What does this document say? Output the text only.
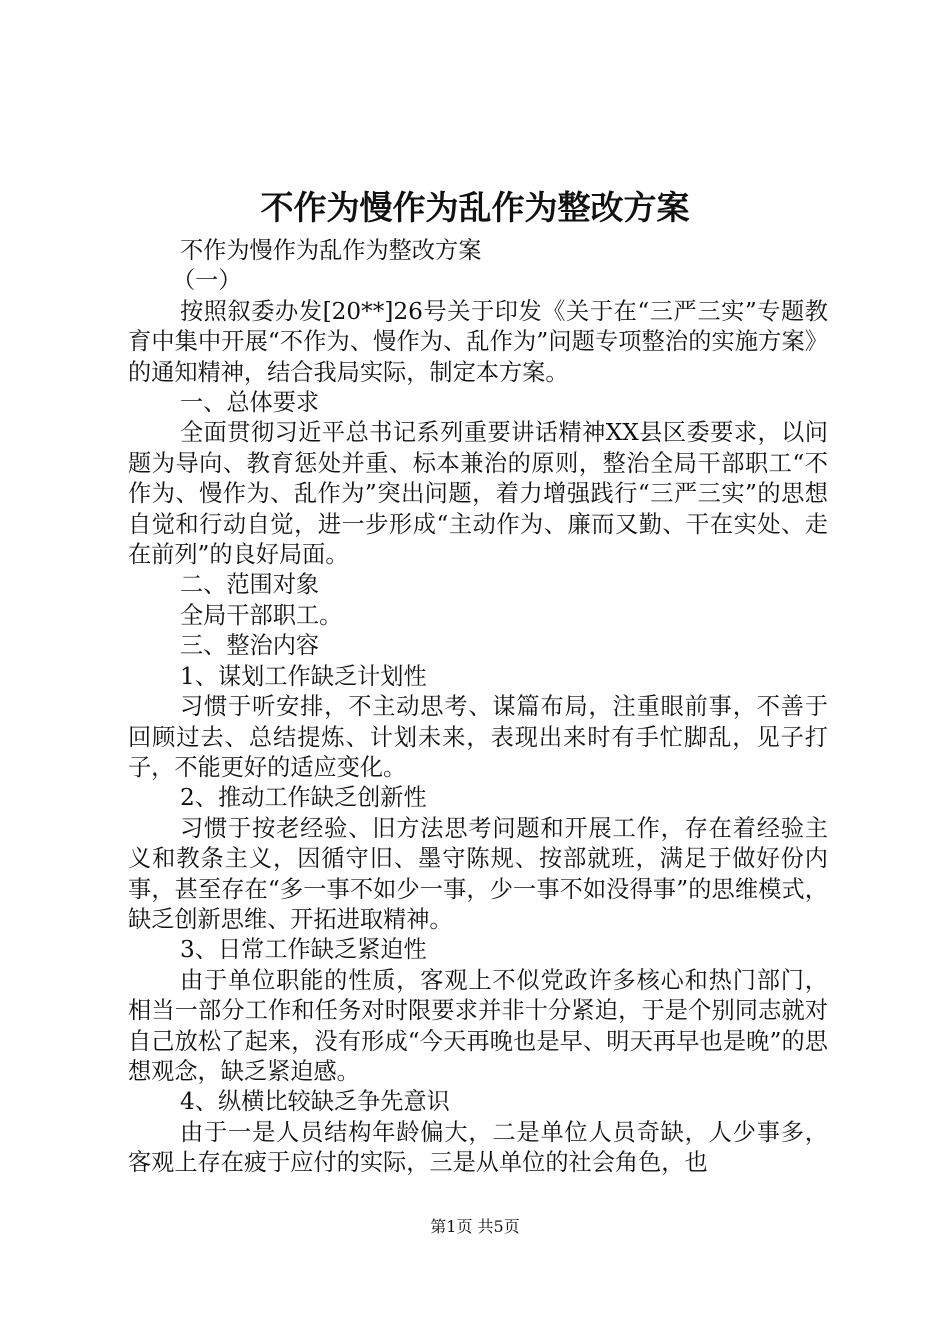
不作为慢作为乱作为整改方案

不作为慢作为乱作为整改方案

（一）

按照叙委办发[20**]26号关于印发《关于在“三严三实”专题教育中集中开展“不作为、慢作为、乱作为”问题专项整治的实施方案》的通知精神，结合我局实际，制定本方案。

一、总体要求

全面贯彻习近平总书记系列重要讲话精神XX县区委要求，以问题为导向、教育惩处并重、标本兼治的原则，整治全局干部职工“不作为、慢作为、乱作为”突出问题，着力增强践行“三严三实”的思想自觉和行动自觉，进一步形成“主动作为、廉而又勤、干在实处、走在前列”的良好局面。

二、范围对象

全局干部职工。

三、整治内容

1、谋划工作缺乏计划性

习惯于听安排，不主动思考、谋篇布局，注重眼前事，不善于回顾过去、总结提炼、计划未来，表现出来时有手忙脚乱，见子打子，不能更好的适应变化。

2、推动工作缺乏创新性

习惯于按老经验、旧方法思考问题和开展工作，存在着经验主义和教条主义，因循守旧、墨守陈规、按部就班，满足于做好份内事，甚至存在“多一事不如少一事，少一事不如没得事”的思维模式，缺乏创新思维、开拓进取精神。

3、日常工作缺乏紧迫性

由于单位职能的性质，客观上不似党政许多核心和热门部门，相当一部分工作和任务对时限要求并非十分紧迫，于是个别同志就对自己放松了起来，没有形成“今天再晚也是早、明天再早也是晚”的思想观念，缺乏紧迫感。

4、纵横比较缺乏争先意识

由于一是人员结构年龄偏大，二是单位人员奇缺，人少事多，客观上存在疲于应付的实际，三是从单位的社会角色，也

第1页 共5页
